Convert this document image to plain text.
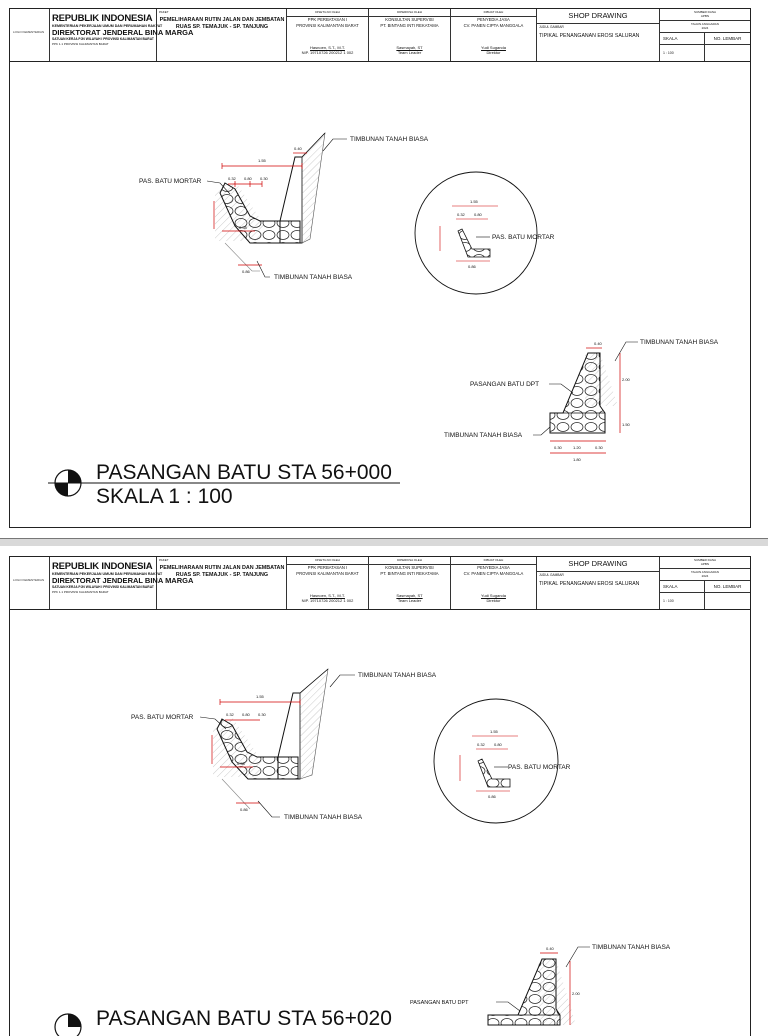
LOGO KEMENTERIAN
REPUBLIK INDONESIA
KEMENTERIAN PEKERJAAN UMUM DAN PERUMAHAN RAKYAT
DIREKTORAT JENDERAL BINA MARGA
SATUAN KERJA PJN WILAYAH I PROVINSI KALIMANTAN BARAT
PPK 1.1 PROVINSI KALIMANTAN BARAT
PAKET
PEMELIHARAAN RUTIN JALAN DAN JEMBATAN RUAS SP. TEMAJUK - SP. TANJUNG
DISETUJUI OLEH
PPK PERBATASAN I
PROVINSI KALIMANTAN BARAT
Hasnoen, S.T., M.T.
NIP. 19710726 200212 1 002
DIPERIKSA OLEH
KONSULTAN SUPERVISI
PT. BINTANG INTI REKATAMA
Sasmayah, ST
Team Leader
DIBUAT OLEH
PENYEDIA JASA
CV. PANEN CIPTA MANGGALA
Yudi Suganda
Direktur
SHOP DRAWING
JUDUL GAMBAR
TIPIKAL PENANGANAN EROSI SALURAN
SUMBER DANA
APBN
TAHUN ANGGARAN
2024
SKALA	NO. LEMBAR
1 : 100
1.55
0.40
0.32 0.80 0.30
0.58
0.86
TIMBUNAN TANAH BIASA
PAS. BATU MORTAR
TIMBUNAN TANAH BIASA
1.55
0.32 0.80
0.86
PAS. BATU MORTAR
0.40
2.00
1.50
0.30	1.20	0.30
1.80
TIMBUNAN TANAH BIASA
PASANGAN BATU DPT
TIMBUNAN TANAH BIASA
PASANGAN BATU STA 56+000
SKALA 1 : 100
LOGO KEMENTERIAN
REPUBLIK INDONESIA
KEMENTERIAN PEKERJAAN UMUM DAN PERUMAHAN RAKYAT
DIREKTORAT JENDERAL BINA MARGA
SATUAN KERJA PJN WILAYAH I PROVINSI KALIMANTAN BARAT
PPK 1.1 PROVINSI KALIMANTAN BARAT
PAKET
PEMELIHARAAN RUTIN JALAN DAN JEMBATAN RUAS SP. TEMAJUK - SP. TANJUNG
DISETUJUI OLEH
PPK PERBATASAN I
PROVINSI KALIMANTAN BARAT
Hasnoen, S.T., M.T.
NIP. 19710726 200212 1 002
DIPERIKSA OLEH
KONSULTAN SUPERVISI
PT. BINTANG INTI REKATAMA
Sasmayah, ST
Team Leader
DIBUAT OLEH
PENYEDIA JASA
CV. PANEN CIPTA MANGGALA
Yudi Suganda
Direktur
SHOP DRAWING
JUDUL GAMBAR
TIPIKAL PENANGANAN EROSI SALURAN
SUMBER DANA
APBN
TAHUN ANGGARAN
2024
SKALA	NO. LEMBAR
1 : 100
1.55
0.32 0.80 0.30
0.58
0.86
TIMBUNAN TANAH BIASA
PAS. BATU MORTAR
TIMBUNAN TANAH BIASA
1.55
0.32 0.80
0.86
PAS. BATU MORTAR
0.40
2.00
TIMBUNAN TANAH BIASA
PASANGAN BATU DPT
PASANGAN BATU STA 56+020
